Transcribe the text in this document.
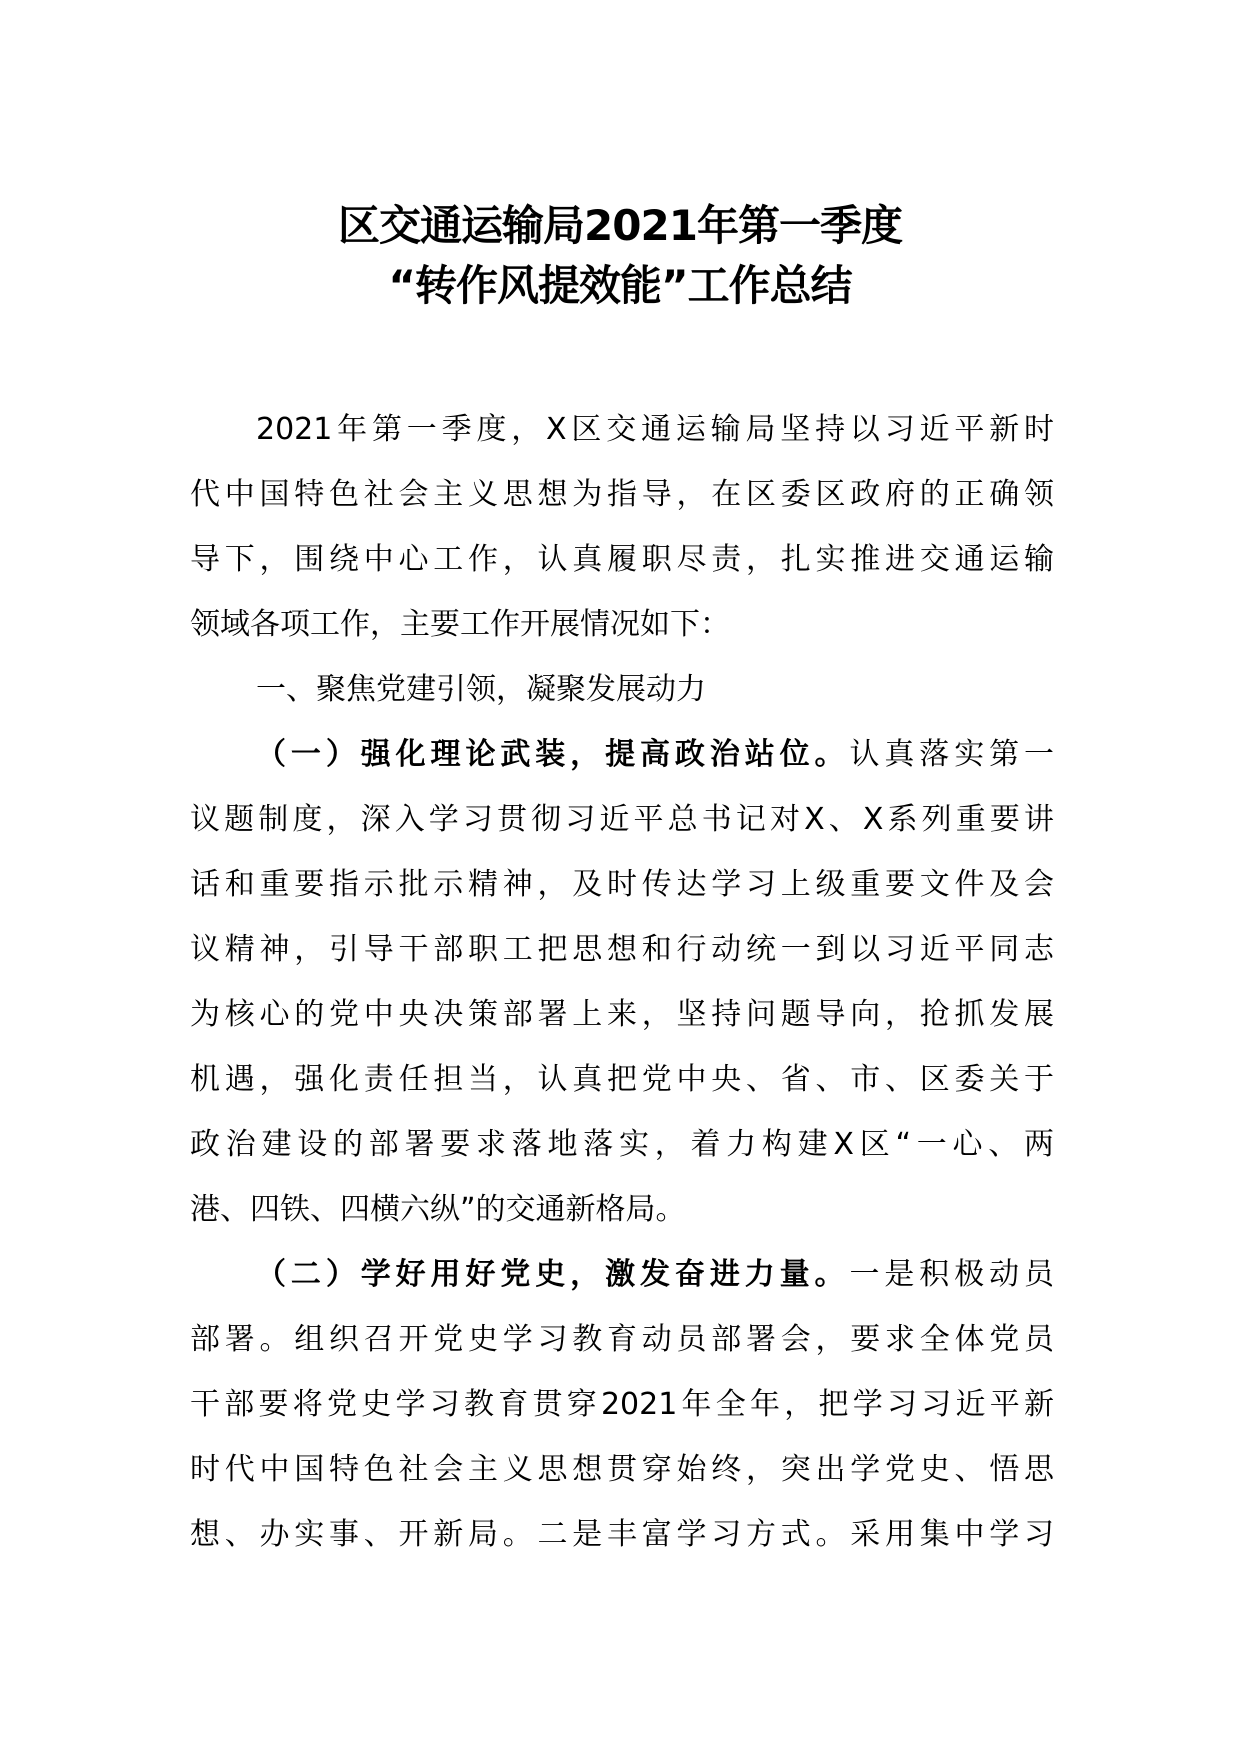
区交通运输局2021年第一季度
“转作风提效能”工作总结
2021年第一季度，X区交通运输局坚持以习近平新时
代中国特色社会主义思想为指导，在区委区政府的正确领
导下，围绕中心工作，认真履职尽责，扎实推进交通运输
领域各项工作，主要工作开展情况如下：
一、聚焦党建引领，凝聚发展动力
（一）强化理论武装，提高政治站位。认真落实第一
议题制度，深入学习贯彻习近平总书记对X、X系列重要讲
话和重要指示批示精神，及时传达学习上级重要文件及会
议精神，引导干部职工把思想和行动统一到以习近平同志
为核心的党中央决策部署上来，坚持问题导向，抢抓发展
机遇，强化责任担当，认真把党中央、省、市、区委关于
政治建设的部署要求落地落实，着力构建X区“一心、两
港、四铁、四横六纵”的交通新格局。
（二）学好用好党史，激发奋进力量。一是积极动员
部署。组织召开党史学习教育动员部署会，要求全体党员
干部要将党史学习教育贯穿2021年全年，把学习习近平新
时代中国特色社会主义思想贯穿始终，突出学党史、悟思
想、办实事、开新局。二是丰富学习方式。采用集中学习
